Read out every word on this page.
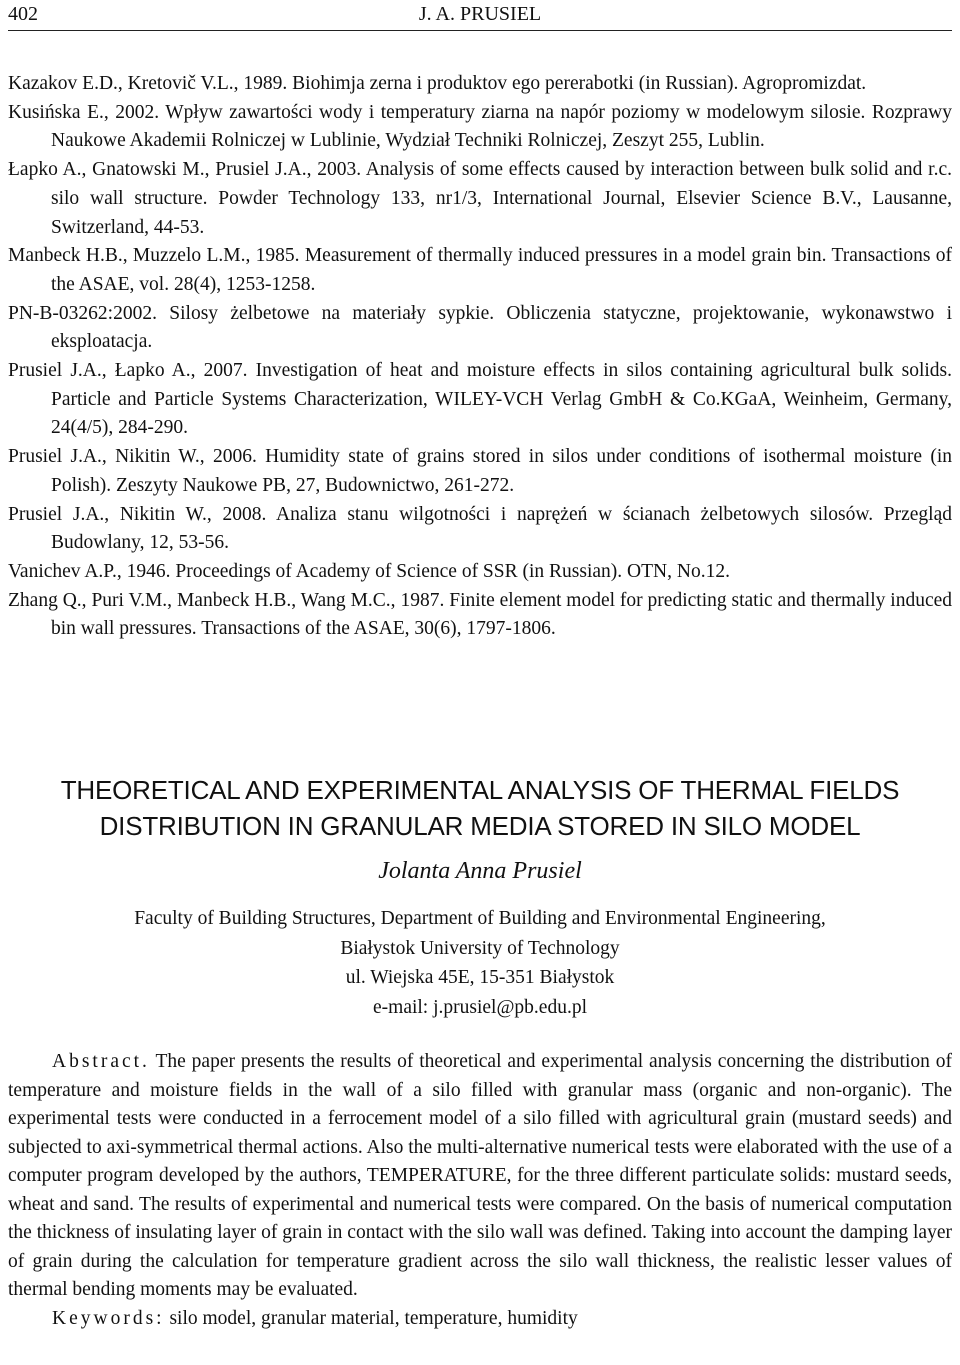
402	J. A. PRUSIEL
Kazakov E.D., Kretovič V.L., 1989. Biohimja zerna i produktov ego pererabotki (in Russian). Agropromizdat.
Kusińska E., 2002. Wpływ zawartości wody i temperatury ziarna na napór poziomy w modelowym silosie. Rozprawy Naukowe Akademii Rolniczej w Lublinie, Wydział Techniki Rolniczej, Zeszyt 255, Lublin.
Łapko A., Gnatowski M., Prusiel J.A., 2003. Analysis of some effects caused by interaction between bulk solid and r.c. silo wall structure. Powder Technology 133, nr1/3, International Journal, Elsevier Science B.V., Lausanne, Switzerland, 44-53.
Manbeck H.B., Muzzelo L.M., 1985. Measurement of thermally induced pressures in a model grain bin. Transactions of the ASAE, vol. 28(4), 1253-1258.
PN-B-03262:2002. Silosy żelbetowe na materiały sypkie. Obliczenia statyczne, projektowanie, wykonawstwo i eksploatacja.
Prusiel J.A., Łapko A., 2007. Investigation of heat and moisture effects in silos containing agricultural bulk solids. Particle and Particle Systems Characterization, WILEY-VCH Verlag GmbH & Co.KGaA, Weinheim, Germany, 24(4/5), 284-290.
Prusiel J.A., Nikitin W., 2006. Humidity state of grains stored in silos under conditions of isothermal moisture (in Polish). Zeszyty Naukowe PB, 27, Budownictwo, 261-272.
Prusiel J.A., Nikitin W., 2008. Analiza stanu wilgotności i naprężeń w ścianach żelbetowych silosów. Przegląd Budowlany, 12, 53-56.
Vanichev A.P., 1946. Proceedings of Academy of Science of SSR (in Russian). OTN, No.12.
Zhang Q., Puri V.M., Manbeck H.B., Wang M.C., 1987. Finite element model for predicting static and thermally induced bin wall pressures. Transactions of the ASAE, 30(6), 1797-1806.
THEORETICAL AND EXPERIMENTAL ANALYSIS OF THERMAL FIELDS
DISTRIBUTION IN GRANULAR MEDIA STORED IN SILO MODEL
Jolanta Anna Prusiel
Faculty of Building Structures, Department of Building and Environmental Engineering,
Białystok University of Technology
ul. Wiejska 45E, 15-351 Białystok
e-mail: j.prusiel@pb.edu.pl

Abstract. The paper presents the results of theoretical and experimental analysis concerning the distribution of temperature and moisture fields in the wall of a silo filled with granular mass (organic and non-organic). The experimental tests were conducted in a ferrocement model of a silo filled with agricultural grain (mustard seeds) and subjected to axi-symmetrical thermal actions. Also the multi-alternative numerical tests were elaborated with the use of a computer program developed by the authors, TEMPERATURE, for the three different particulate solids: mustard seeds, wheat and sand. The results of experimental and numerical tests were compared. On the basis of numerical computation the thickness of insulating layer of grain in contact with the silo wall was defined. Taking into account the damping layer of grain during the calculation for temperature gradient across the silo wall thickness, the realistic lesser values of thermal bending moments may be evaluated.

Keywords: silo model, granular material, temperature, humidity
